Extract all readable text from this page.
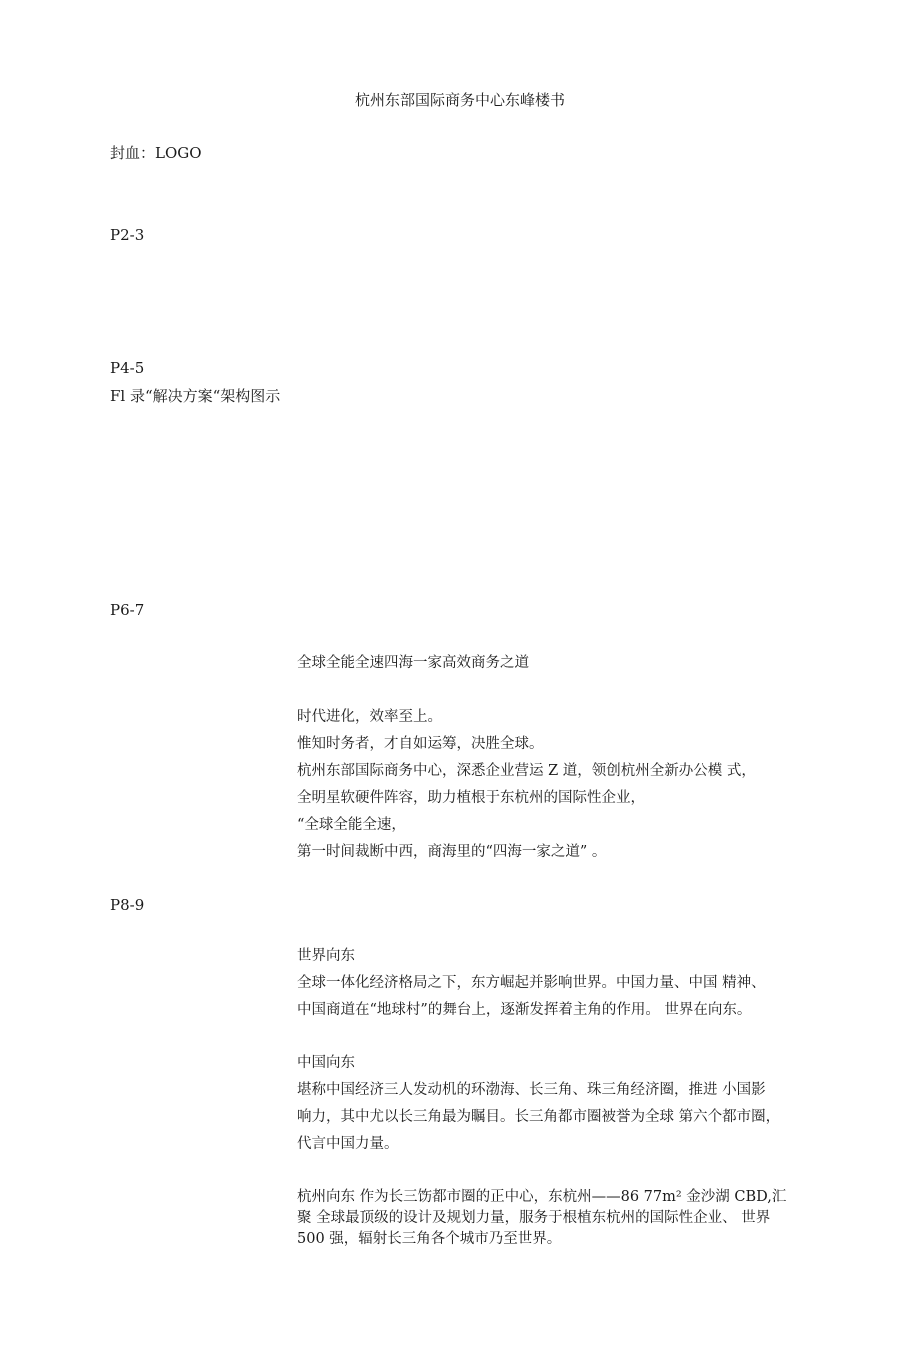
杭州东部国际商务中心东峰楼书
封血：LOGO
P2-3
P4-5
Fl 录“解决方案“架构图示
P6-7
全球全能全速四海一家高效商务之道
时代进化，效率至上。
惟知时务者，才自如运筹，决胜全球。
杭州东部国际商务中心，深悉企业营运 Z 道，领创杭州全新办公模 式，
全明星软硬件阵容，助力植根于东杭州的国际性企业，
“全球全能全速，
第一时间裁断中西，商海里的“四海一家之道” 。
P8-9
世界向东
全球一体化经济格局之下，东方崛起并影响世界。中国力量、中国 精神、
中国商道在“地球村”的舞台上，逐渐发挥着主角的作用。 世界在向东。
中国向东
堪称中国经济三人发动机的环渤海、长三角、珠三角经济圈，推进 小国影
响力，其中尤以长三角最为瞩目。长三角都市圈被誉为全球 第六个都市圈，
代言中国力量。
杭州向东 作为长三饬都市圈的正中心，东杭州——86 77m² 金沙湖 CBD,汇
聚 全球最顶级的设计及规划力量，服务于根植东杭州的国际性企业、 世界
500 强，辐射长三角各个城市乃至世界。
